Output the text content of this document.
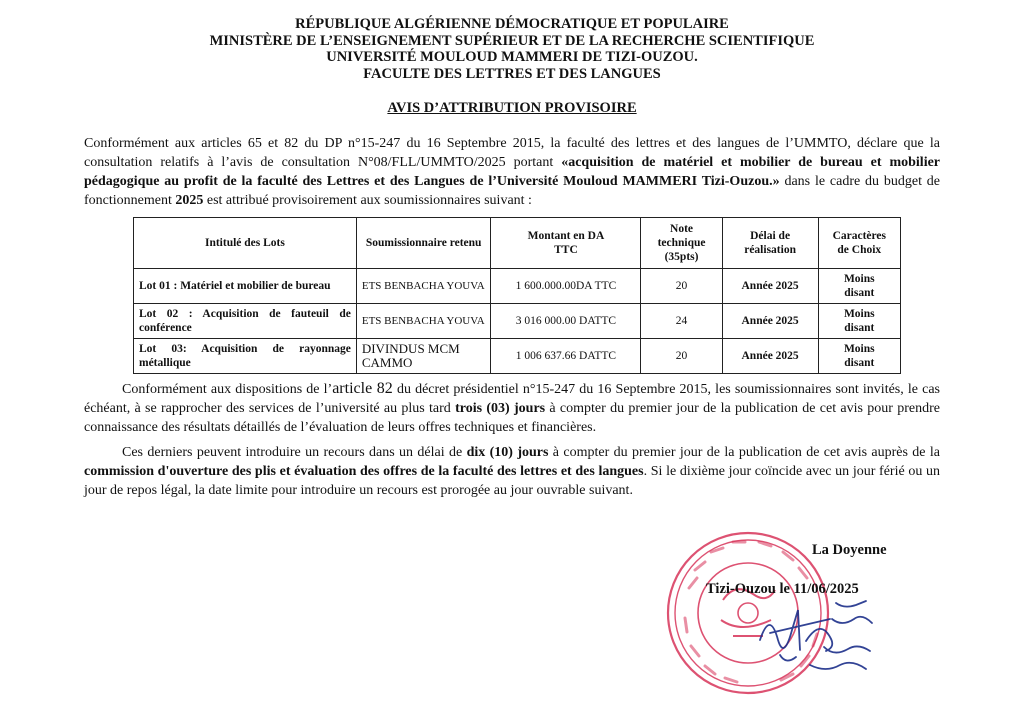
RÉPUBLIQUE ALGÉRIENNE DÉMOCRATIQUE ET POPULAIRE
MINISTÈRE DE L’ENSEIGNEMENT SUPÉRIEUR ET DE LA RECHERCHE SCIENTIFIQUE
UNIVERSITÉ MOULOUD MAMMERI DE TIZI-OUZOU.
FACULTE DES LETTRES ET DES LANGUES
AVIS D’ATTRIBUTION PROVISOIRE
Conformément aux articles 65 et 82 du DP n°15-247 du 16 Septembre 2015, la faculté des lettres et des langues de l’UMMTO, déclare que la consultation relatifs à l’avis de consultation N°08/FLL/UMMTO/2025 portant «acquisition de matériel et mobilier de bureau et mobilier pédagogique au profit de la faculté des Lettres et des Langues de l’Université Mouloud MAMMERI Tizi-Ouzou.» dans le cadre du budget de fonctionnement 2025 est attribué provisoirement aux soumissionnaires suivant :
Intitulé des Lots	Soumissionnaire retenu	Montant en DA TTC	Note technique (35pts)	Délai de réalisation	Caractères de Choix
Lot 01 : Matériel et mobilier de bureau	ETS BENBACHA YOUVA	1 600.000.00DA TTC	20	Année 2025	Moins disant
Lot 02 : Acquisition de fauteuil de conférence	ETS BENBACHA YOUVA	3 016 000.00 DATTC	24	Année 2025	Moins disant
Lot 03: Acquisition de rayonnage métallique	DIVINDUS MCM CAMMO	1 006 637.66 DATTC	20	Année 2025	Moins disant
Conformément aux dispositions de l’article 82 du décret présidentiel n°15-247 du 16 Septembre 2015, les soumissionnaires sont invités, le cas échéant, à se rapprocher des services de l’université au plus tard trois (03) jours à compter du premier jour de la publication de cet avis pour prendre connaissance des résultats détaillés de l’évaluation de leurs offres techniques et financières.
Ces derniers peuvent introduire un recours dans un délai de dix (10) jours à compter du premier jour de la publication de cet avis auprès de la commission d'ouverture des plis et évaluation des offres de la faculté des lettres et des langues. Si le dixième jour coïncide avec un jour férié ou un jour de repos légal, la date limite pour introduire un recours est prorogée au jour ouvrable suivant.
La Doyenne
Tizi-Ouzou le 11/06/2025
